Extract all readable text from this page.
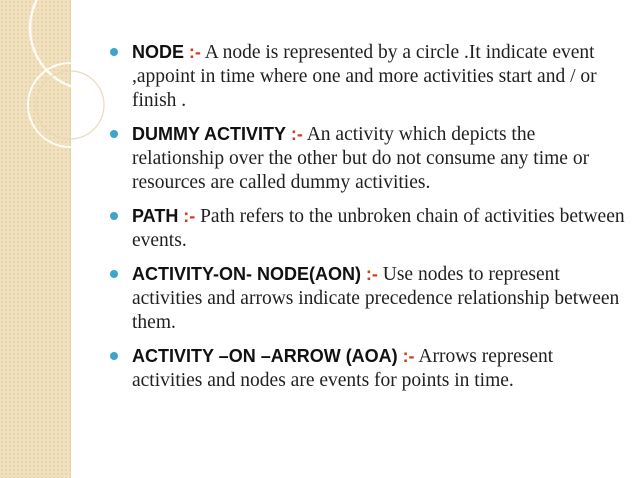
NODE :- A node is represented by a circle .It indicate event ,appoint in time where one and more activities start and / or finish .
DUMMY ACTIVITY :- An activity which depicts the relationship over the other but do not consume any time or resources are called dummy activities.
PATH :- Path refers to the unbroken chain of activities between events.
ACTIVITY-ON- NODE(AON) :- Use nodes to represent activities and arrows indicate precedence relationship between them.
ACTIVITY –ON –ARROW (AOA) :- Arrows represent activities and nodes are events for points in time.
